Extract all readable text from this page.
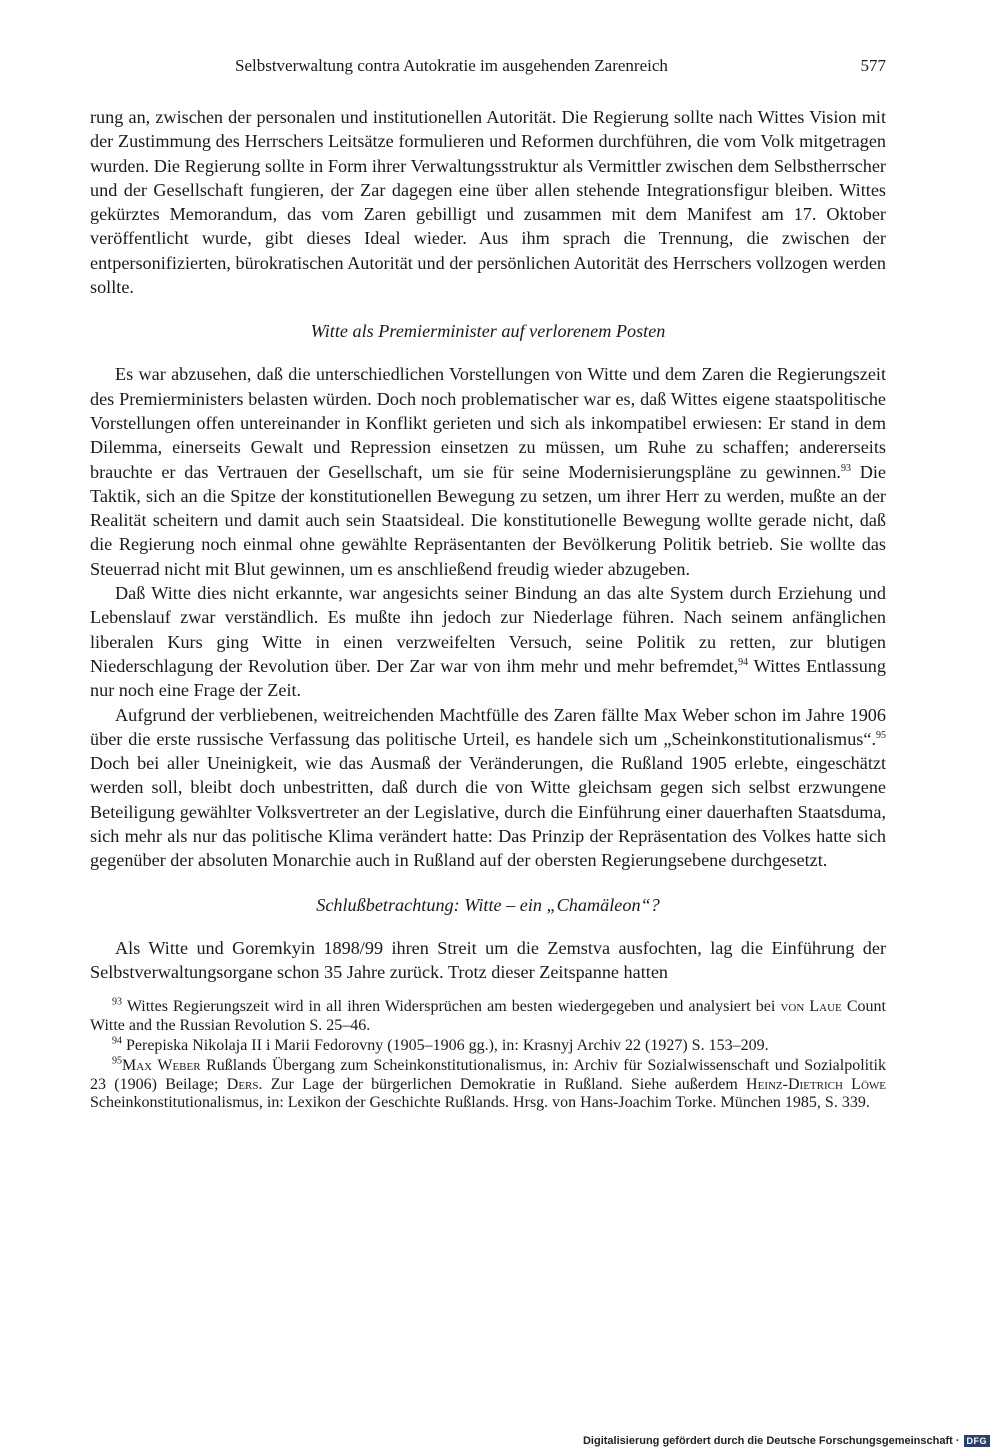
Selbstverwaltung contra Autokratie im ausgehenden Zarenreich	577

rung an, zwischen der personalen und institutionellen Autorität. Die Regierung sollte nach Wittes Vision mit der Zustimmung des Herrschers Leitsätze formulieren und Reformen durchführen, die vom Volk mitgetragen wurden. Die Regierung sollte in Form ihrer Verwaltungsstruktur als Vermittler zwischen dem Selbstherrscher und der Gesellschaft fungieren, der Zar dagegen eine über allen stehende Integrationsfigur bleiben. Wittes gekürztes Memorandum, das vom Zaren gebilligt und zusammen mit dem Manifest am 17. Oktober veröffentlicht wurde, gibt dieses Ideal wieder. Aus ihm sprach die Trennung, die zwischen der entpersonifizierten, bürokratischen Autorität und der persönlichen Autorität des Herrschers vollzogen werden sollte.

Witte als Premierminister auf verlorenem Posten

Es war abzusehen, daß die unterschiedlichen Vorstellungen von Witte und dem Zaren die Regierungszeit des Premierministers belasten würden. Doch noch problematischer war es, daß Wittes eigene staatspolitische Vorstellungen offen untereinander in Konflikt gerieten und sich als inkompatibel erwiesen: Er stand in dem Dilemma, einerseits Gewalt und Repression einsetzen zu müssen, um Ruhe zu schaffen; andererseits brauchte er das Vertrauen der Gesellschaft, um sie für seine Modernisierungspläne zu gewinnen.$^{93}$ Die Taktik, sich an die Spitze der konstitutionellen Bewegung zu setzen, um ihrer Herr zu werden, mußte an der Realität scheitern und damit auch sein Staatsideal. Die konstitutionelle Bewegung wollte gerade nicht, daß die Regierung noch einmal ohne gewählte Repräsentanten der Bevölkerung Politik betrieb. Sie wollte das Steuerrad nicht mit Blut gewinnen, um es anschließend freudig wieder abzugeben.

Daß Witte dies nicht erkannte, war angesichts seiner Bindung an das alte System durch Erziehung und Lebenslauf zwar verständlich. Es mußte ihn jedoch zur Niederlage führen. Nach seinem anfänglichen liberalen Kurs ging Witte in einen verzweifelten Versuch, seine Politik zu retten, zur blutigen Niederschlagung der Revolution über. Der Zar war von ihm mehr und mehr befremdet,$^{94}$ Wittes Entlassung nur noch eine Frage der Zeit.

Aufgrund der verbliebenen, weitreichenden Machtfülle des Zaren fällte Max Weber schon im Jahre 1906 über die erste russische Verfassung das politische Urteil, es handele sich um „Scheinkonstitutionalismus“.$^{95}$ Doch bei aller Uneinigkeit, wie das Ausmaß der Veränderungen, die Rußland 1905 erlebte, eingeschätzt werden soll, bleibt doch unbestritten, daß durch die von Witte gleichsam gegen sich selbst erzwungene Beteiligung gewählter Volksvertreter an der Legislative, durch die Einführung einer dauerhaften Staatsduma, sich mehr als nur das politische Klima verändert hatte: Das Prinzip der Repräsentation des Volkes hatte sich gegenüber der absoluten Monarchie auch in Rußland auf der obersten Regierungsebene durchgesetzt.

Schlußbetrachtung: Witte – ein „Chamäleon“?

Als Witte und Goremkyin 1898/99 ihren Streit um die Zemstva ausfochten, lag die Einführung der Selbstverwaltungsorgane schon 35 Jahre zurück. Trotz dieser Zeitspanne hatten

$^{93}$ Wittes Regierungszeit wird in all ihren Widersprüchen am besten wiedergegeben und analysiert bei von Laue Count Witte and the Russian Revolution S. 25–46.

$^{94}$ Perepiska Nikolaja II i Marii Fedorovny (1905–1906 gg.), in: Krasnyj Archiv 22 (1927) S. 153–209.

$^{95}$Max Weber Rußlands Übergang zum Scheinkonstitutionalismus, in: Archiv für Sozialwissenschaft und Sozialpolitik 23 (1906) Beilage; Ders. Zur Lage der bürgerlichen Demokratie in Rußland. Siehe außerdem Heinz-Dietrich Löwe Scheinkonstitutionalismus, in: Lexikon der Geschichte Rußlands. Hrsg. von Hans-Joachim Torke. München 1985, S. 339.

Digitalisierung gefördert durch die Deutsche Forschungsgemeinschaft · DFG
